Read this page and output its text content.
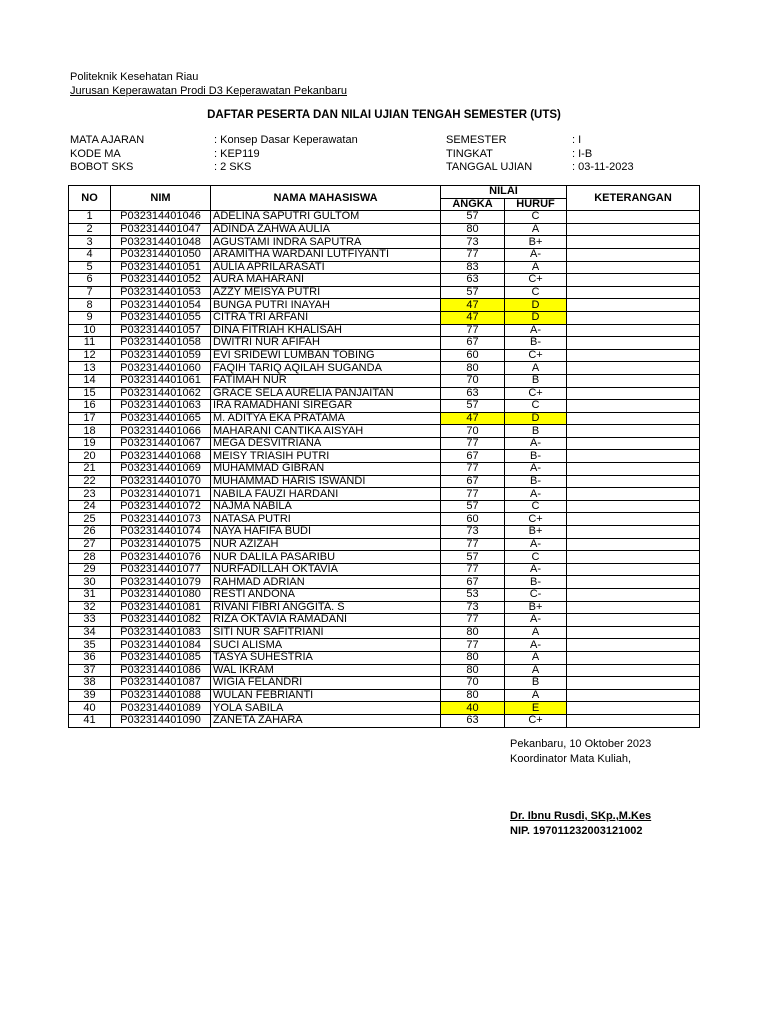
Politeknik Kesehatan Riau
Jurusan Keperawatan Prodi D3 Keperawatan Pekanbaru
DAFTAR PESERTA DAN NILAI UJIAN TENGAH SEMESTER (UTS)
MATA AJARAN	: Konsep Dasar Keperawatan
KODE MA	: KEP119
BOBOT SKS	: 2 SKS
SEMESTER	: I
TINGKAT	: I-B
TANGGAL UJIAN	: 03-11-2023
NO	NIM	NAMA MAHASISWA	NILAI		KETERANGAN
			ANGKA	HURUF	
1	P032314401046	ADELINA SAPUTRI GULTOM	57	C	
2	P032314401047	ADINDA ZAHWA AULIA	80	A	
3	P032314401048	AGUSTAMI INDRA SAPUTRA	73	B+	
4	P032314401050	ARAMITHA WARDANI LUTFIYANTI	77	A-	
5	P032314401051	AULIA APRILARASATI	83	A	
6	P032314401052	AURA MAHARANI	63	C+	
7	P032314401053	AZZY MEISYA PUTRI	57	C	
8	P032314401054	BUNGA PUTRI INAYAH	47	D	
9	P032314401055	CITRA TRI ARFANI	47	D	
10	P032314401057	DINA FITRIAH KHALISAH	77	A-	
11	P032314401058	DWITRI NUR AFIFAH	67	B-	
12	P032314401059	EVI SRIDEWI LUMBAN TOBING	60	C+	
13	P032314401060	FAQIH TARIQ AQILAH SUGANDA	80	A	
14	P032314401061	FATIMAH NUR	70	B	
15	P032314401062	GRACE SELA AURELIA PANJAITAN	63	C+	
16	P032314401063	IRA RAMADHANI SIREGAR	57	C	
17	P032314401065	M. ADITYA EKA PRATAMA	47	D	
18	P032314401066	MAHARANI CANTIKA AISYAH	70	B	
19	P032314401067	MEGA DESVITRIANA	77	A-	
20	P032314401068	MEISY TRIASIH PUTRI	67	B-	
21	P032314401069	MUHAMMAD GIBRAN	77	A-	
22	P032314401070	MUHAMMAD HARIS ISWANDI	67	B-	
23	P032314401071	NABILA FAUZI HARDANI	77	A-	
24	P032314401072	NAJMA NABILA	57	C	
25	P032314401073	NATASA PUTRI	60	C+	
26	P032314401074	NAYA HAFIFA BUDI	73	B+	
27	P032314401075	NUR AZIZAH	77	A-	
28	P032314401076	NUR DALILA PASARIBU	57	C	
29	P032314401077	NURFADILLAH OKTAVIA	77	A-	
30	P032314401079	RAHMAD ADRIAN	67	B-	
31	P032314401080	RESTI ANDONA	53	C-	
32	P032314401081	RIVANI FIBRI ANGGITA. S	73	B+	
33	P032314401082	RIZA OKTAVIA RAMADANI	77	A-	
34	P032314401083	SITI NUR SAFITRIANI	80	A	
35	P032314401084	SUCI ALISMA	77	A-	
36	P032314401085	TASYA SUHESTRIA	80	A	
37	P032314401086	WAL IKRAM	80	A	
38	P032314401087	WIGIA FELANDRI	70	B	
39	P032314401088	WULAN FEBRIANTI	80	A	
40	P032314401089	YOLA SABILA	40	E	
41	P032314401090	ZANETA ZAHARA	63	C+	
Pekanbaru, 10 Oktober 2023
Koordinator Mata Kuliah,
Dr. Ibnu Rusdi, SKp.,M.Kes
NIP. 197011232003121002
